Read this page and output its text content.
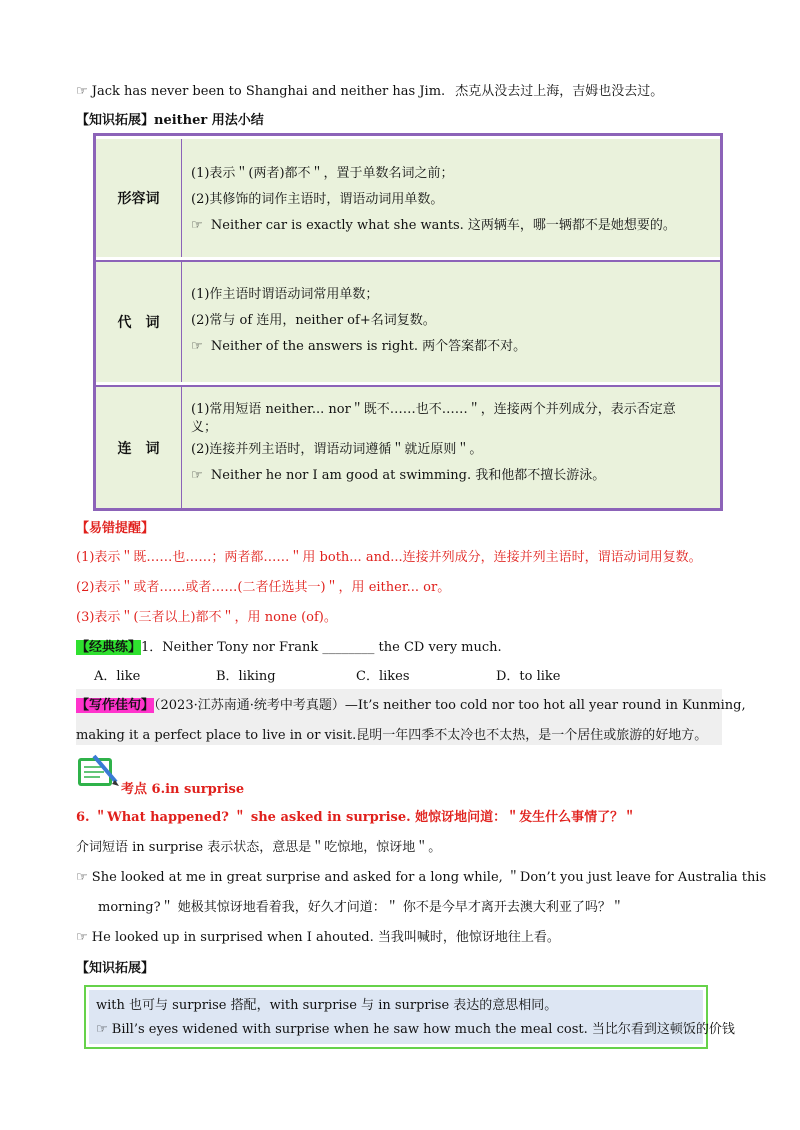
☞ Jack has never been to Shanghai and neither has Jim. 杰克从没去过上海，吉姆也没去过。
【知识拓展】neither 用法小结
形容词
(1)表示＂(两者)都不＂，置于单数名词之前；
(2)其修饰的词作主语时，谓语动词用单数。
☞ Neither car is exactly what she wants. 这两辆车，哪一辆都不是她想要的。
代　词
(1)作主语时谓语动词常用单数；
(2)常与 of 连用，neither of+名词复数。
☞ Neither of the answers is right. 两个答案都不对。
连　词
(1)常用短语 neither... nor＂既不……也不……＂，连接两个并列成分，表示否定意
义；
(2)连接并列主语时，谓语动词遵循＂就近原则＂。
☞ Neither he nor I am good at swimming. 我和他都不擅长游泳。
【易错提醒】
(1)表示＂既……也……；两者都……＂用 both... and...连接并列成分，连接并列主语时，谓语动词用复数。
(2)表示＂或者……或者……(二者任选其一)＂，用 either... or。
(3)表示＂(三者以上)都不＂，用 none (of)。
【经典练】1．Neither Tony nor Frank ________ the CD very much.
A．like	B．liking	C．likes	D．to like
【写作佳句】（2023·江苏南通·统考中考真题）—It’s neither too cold nor too hot all year round in Kunming,
making it a perfect place to live in or visit.昆明一年四季不太冷也不太热，是一个居住或旅游的好地方。
考点 6.in surprise
6. ＂What happened? ＂ she asked in surprise. 她惊讶地问道：＂发生什么事情了？＂
介词短语 in surprise 表示状态，意思是＂吃惊地，惊讶地＂。
☞ She looked at me in great surprise and asked for a long while, ＂Don’t you just leave for Australia this
morning?＂ 她极其惊讶地看着我，好久才问道：＂ 你不是今早才离开去澳大利亚了吗？＂
☞ He looked up in surprised when I ahouted. 当我叫喊时，他惊讶地往上看。
【知识拓展】
with 也可与 surprise 搭配，with surprise 与 in surprise 表达的意思相同。
☞ Bill’s eyes widened with surprise when he saw how much the meal cost. 当比尔看到这顿饭的价钱
